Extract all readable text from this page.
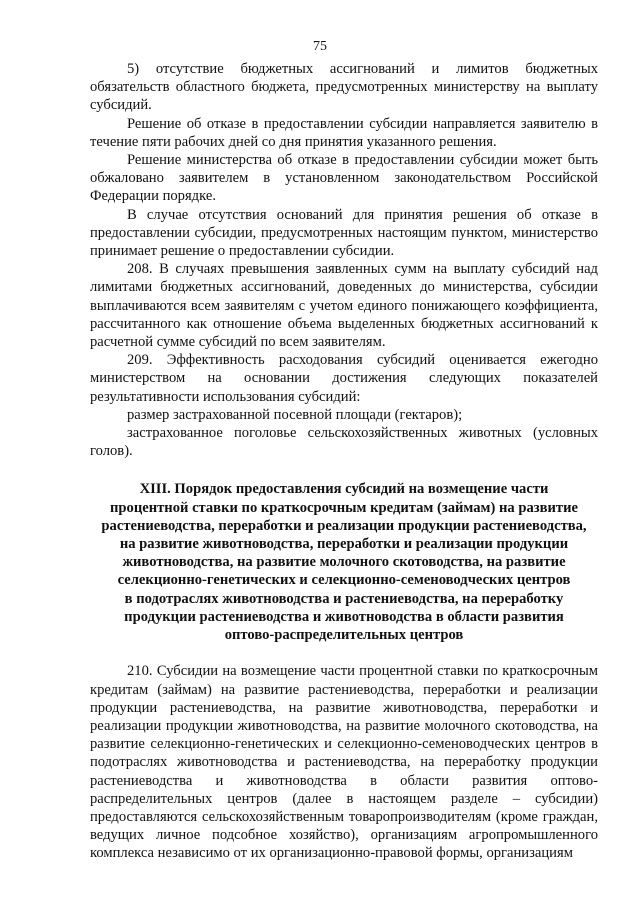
75

5) отсутствие бюджетных ассигнований и лимитов бюджетных обязательств областного бюджета, предусмотренных министерству на выплату субсидий.

Решение об отказе в предоставлении субсидии направляется заявителю в течение пяти рабочих дней со дня принятия указанного решения.

Решение министерства об отказе в предоставлении субсидии может быть обжаловано заявителем в установленном законодательством Российской Федерации порядке.

В случае отсутствия оснований для принятия решения об отказе в предоставлении субсидии, предусмотренных настоящим пунктом, министерство принимает решение о предоставлении субсидии.

208. В случаях превышения заявленных сумм на выплату субсидий над лимитами бюджетных ассигнований, доведенных до министерства, субсидии выплачиваются всем заявителям с учетом единого понижающего коэффициента, рассчитанного как отношение объема выделенных бюджетных ассигнований к расчетной сумме субсидий по всем заявителям.

209. Эффективность расходования субсидий оценивается ежегодно министерством на основании достижения следующих показателей результативности использования субсидий:

размер застрахованной посевной площади (гектаров);

застрахованное поголовье сельскохозяйственных животных (условных голов).

XIII. Порядок предоставления субсидий на возмещение части

процентной ставки по краткосрочным кредитам (займам) на развитие

растениеводства, переработки и реализации продукции растениеводства,

на развитие животноводства, переработки и реализации продукции

животноводства, на развитие молочного скотоводства, на развитие

селекционно-генетических и селекционно-семеноводческих центров

в подотраслях животноводства и растениеводства, на переработку

продукции растениеводства и животноводства в области развития

оптово-распределительных центров

210. Субсидии на возмещение части процентной ставки по краткосрочным кредитам (займам) на развитие растениеводства, переработки и реализации продукции растениеводства, на развитие животноводства, переработки и реализации продукции животноводства, на развитие молочного скотоводства, на развитие селекционно-генетических и селекционно-семеноводческих центров в подотраслях животноводства и растениеводства, на переработку продукции растениеводства и животноводства в области развития оптово-распределительных центров (далее в настоящем разделе – субсидии) предоставляются сельскохозяйственным товаропроизводителям (кроме граждан, ведущих личное подсобное хозяйство), организациям агропромышленного комплекса независимо от их организационно-правовой формы, организациям
